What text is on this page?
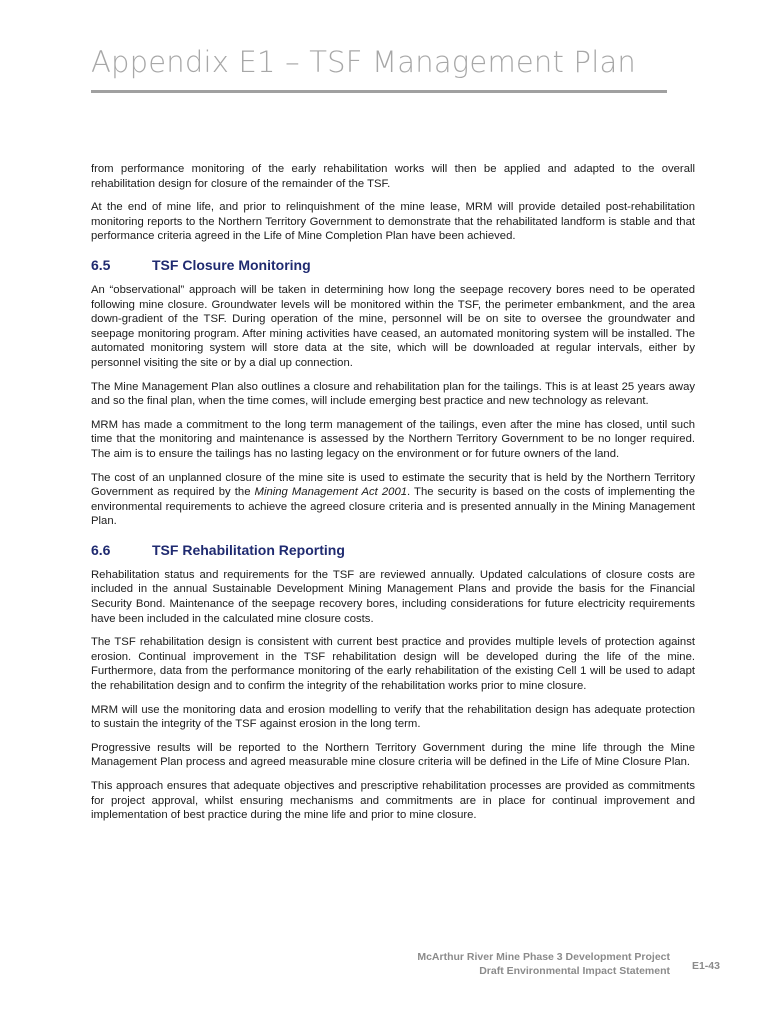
Appendix E1 – TSF Management Plan

from performance monitoring of the early rehabilitation works will then be applied and adapted to the overall rehabilitation design for closure of the remainder of the TSF.

At the end of mine life, and prior to relinquishment of the mine lease, MRM will provide detailed post-rehabilitation monitoring reports to the Northern Territory Government to demonstrate that the rehabilitated landform is stable and that performance criteria agreed in the Life of Mine Completion Plan have been achieved.

6.5	TSF Closure Monitoring

An “observational” approach will be taken in determining how long the seepage recovery bores need to be operated following mine closure. Groundwater levels will be monitored within the TSF, the perimeter embankment, and the area down-gradient of the TSF. During operation of the mine, personnel will be on site to oversee the groundwater and seepage monitoring program. After mining activities have ceased, an automated monitoring system will be installed. The automated monitoring system will store data at the site, which will be downloaded at regular intervals, either by personnel visiting the site or by a dial up connection.

The Mine Management Plan also outlines a closure and rehabilitation plan for the tailings. This is at least 25 years away and so the final plan, when the time comes, will include emerging best practice and new technology as relevant.

MRM has made a commitment to the long term management of the tailings, even after the mine has closed, until such time that the monitoring and maintenance is assessed by the Northern Territory Government to be no longer required. The aim is to ensure the tailings has no lasting legacy on the environment or for future owners of the land.

The cost of an unplanned closure of the mine site is used to estimate the security that is held by the Northern Territory Government as required by the Mining Management Act 2001. The security is based on the costs of implementing the environmental requirements to achieve the agreed closure criteria and is presented annually in the Mining Management Plan.

6.6	TSF Rehabilitation Reporting

Rehabilitation status and requirements for the TSF are reviewed annually. Updated calculations of closure costs are included in the annual Sustainable Development Mining Management Plans and provide the basis for the Financial Security Bond. Maintenance of the seepage recovery bores, including considerations for future electricity requirements have been included in the calculated mine closure costs.

The TSF rehabilitation design is consistent with current best practice and provides multiple levels of protection against erosion. Continual improvement in the TSF rehabilitation design will be developed during the life of the mine. Furthermore, data from the performance monitoring of the early rehabilitation of the existing Cell 1 will be used to adapt the rehabilitation design and to confirm the integrity of the rehabilitation works prior to mine closure.

MRM will use the monitoring data and erosion modelling to verify that the rehabilitation design has adequate protection to sustain the integrity of the TSF against erosion in the long term.

Progressive results will be reported to the Northern Territory Government during the mine life through the Mine Management Plan process and agreed measurable mine closure criteria will be defined in the Life of Mine Closure Plan.

This approach ensures that adequate objectives and prescriptive rehabilitation processes are provided as commitments for project approval, whilst ensuring mechanisms and commitments are in place for continual improvement and implementation of best practice during the mine life and prior to mine closure.

McArthur River Mine Phase 3 Development Project
Draft Environmental Impact Statement E1-43
